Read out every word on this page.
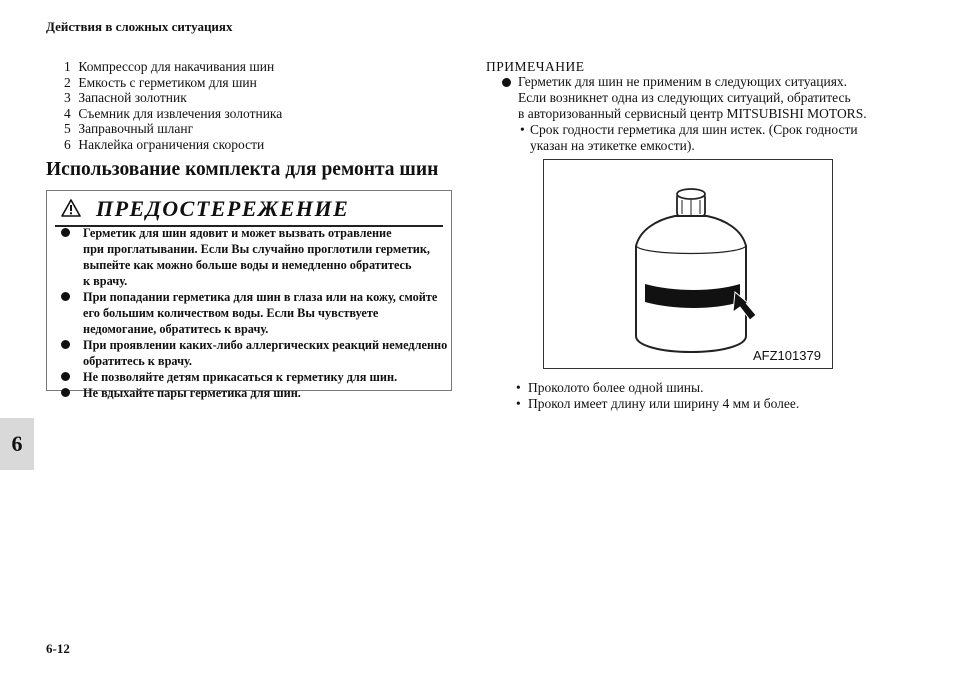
Действия в сложных ситуациях
6
1 Компрессор для накачивания шин
2 Емкость с герметиком для шин
3 Запасной золотник
4 Съемник для извлечения золотника
5 Заправочный шланг
6 Наклейка ограничения скорости
Использование комплекта для ремонта шин
ПРЕДОСТЕРЕЖЕНИЕ
Герметик для шин ядовит и может вызвать отравление
при проглатывании. Если Вы случайно проглотили герметик,
выпейте как можно больше воды и немедленно обратитесь
к врачу.
При попадании герметика для шин в глаза или на кожу, смойте
его большим количеством воды. Если Вы чувствуете
недомогание, обратитесь к врачу.
При проявлении каких-либо аллергических реакций немедленно
обратитесь к врачу.
Не позволяйте детям прикасаться к герметику для шин.
Не вдыхайте пары герметика для шин.
ПРИМЕЧАНИЕ
Герметик для шин не применим в следующих ситуациях.
Если возникнет одна из следующих ситуаций, обратитесь
в авторизованный сервисный центр MITSUBISHI MOTORS.
• Срок годности герметика для шин истек. (Срок годности
указан на этикетке емкости).
AFZ101379
• Проколото более одной шины.
• Прокол имеет длину или ширину 4 мм и более.
6-12
